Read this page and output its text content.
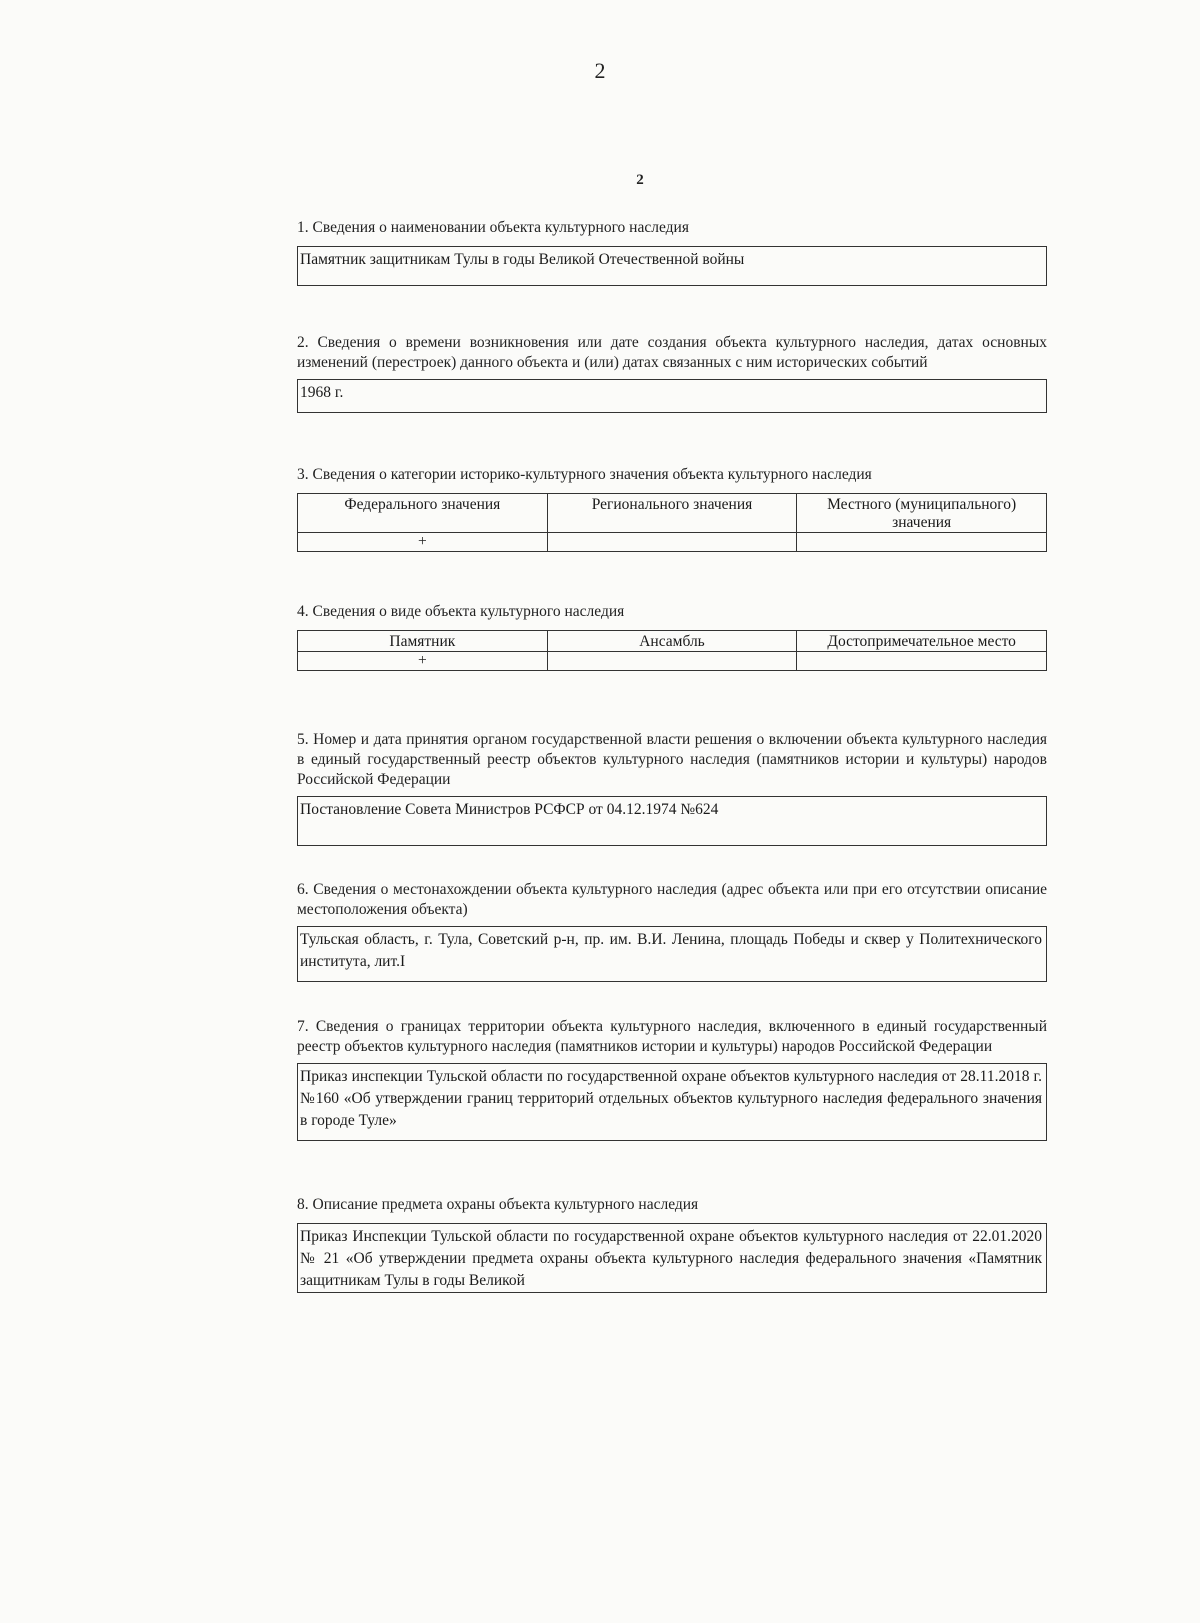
2
2

1. Сведения о наименовании объекта культурного наследия

Памятник защитникам Тулы в годы Великой Отечественной войны

2. Сведения о времени возникновения или дате создания объекта культурного наследия, датах основных изменений (перестроек) данного объекта и (или) датах связанных с ним исторических событий

1968 г.

3. Сведения о категории историко-культурного значения объекта культурного наследия

Федерального значения	Регионального значения	Местного (муниципального) значения
+		

4. Сведения о виде объекта культурного наследия

Памятник	Ансамбль	Достопримечательное место
+		

5. Номер и дата принятия органом государственной власти решения о включении объекта культурного наследия в единый государственный реестр объектов культурного наследия (памятников истории и культуры) народов Российской Федерации

Постановление Совета Министров РСФСР от 04.12.1974 №624

6. Сведения о местонахождении объекта культурного наследия (адрес объекта или при его отсутствии описание местоположения объекта)

Тульская область, г. Тула, Советский р-н, пр. им. В.И. Ленина, площадь Победы и сквер у Политехнического института, лит.I

7. Сведения о границах территории объекта культурного наследия, включенного в единый государственный реестр объектов культурного наследия (памятников истории и культуры) народов Российской Федерации

Приказ инспекции Тульской области по государственной охране объектов культурного наследия от 28.11.2018 г. №160 «Об утверждении границ территорий отдельных объектов культурного наследия федерального значения в городе Туле»

8. Описание предмета охраны объекта культурного наследия

Приказ Инспекции Тульской области по государственной охране объектов культурного наследия от 22.01.2020 № 21 «Об утверждении предмета охраны объекта культурного наследия федерального значения «Памятник защитникам Тулы в годы Великой
